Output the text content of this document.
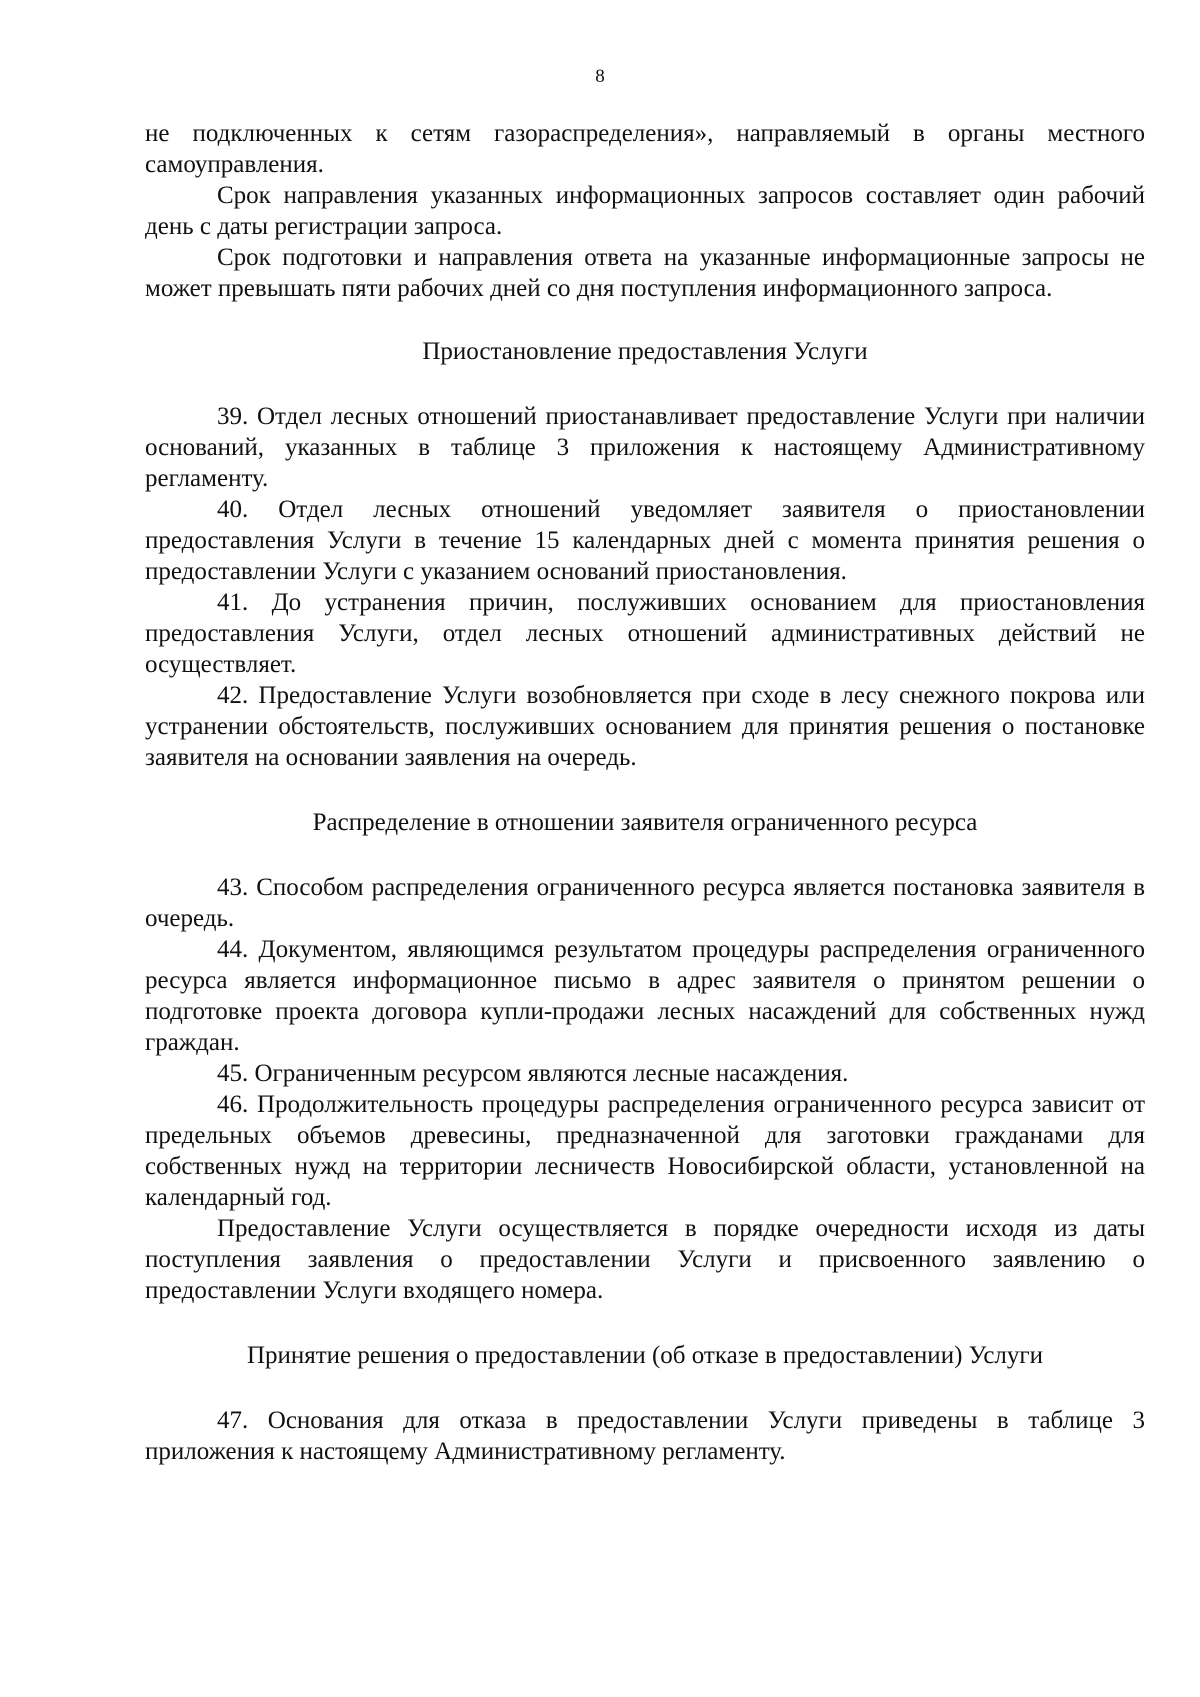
8

не подключенных к сетям газораспределения», направляемый в органы местного самоуправления.

Срок направления указанных информационных запросов составляет один рабочий день с даты регистрации запроса.

Срок подготовки и направления ответа на указанные информационные запросы не может превышать пяти рабочих дней со дня поступления информационного запроса.

Приостановление предоставления Услуги

39. Отдел лесных отношений приостанавливает предоставление Услуги при наличии оснований, указанных в таблице 3 приложения к настоящему Административному регламенту.

40. Отдел лесных отношений уведомляет заявителя о приостановлении предоставления Услуги в течение 15 календарных дней с момента принятия решения о предоставлении Услуги с указанием оснований приостановления.

41. До устранения причин, послуживших основанием для приостановления предоставления Услуги, отдел лесных отношений административных действий не осуществляет.

42. Предоставление Услуги возобновляется при сходе в лесу снежного покрова или устранении обстоятельств, послуживших основанием для принятия решения о постановке заявителя на основании заявления на очередь.

Распределение в отношении заявителя ограниченного ресурса

43. Способом распределения ограниченного ресурса является постановка заявителя в очередь.

44. Документом, являющимся результатом процедуры распределения ограниченного ресурса является информационное письмо в адрес заявителя о принятом решении о подготовке проекта договора купли-продажи лесных насаждений для собственных нужд граждан.

45. Ограниченным ресурсом являются лесные насаждения.

46. Продолжительность процедуры распределения ограниченного ресурса зависит от предельных объемов древесины, предназначенной для заготовки гражданами для собственных нужд на территории лесничеств Новосибирской области, установленной на календарный год.

Предоставление Услуги осуществляется в порядке очередности исходя из даты поступления заявления о предоставлении Услуги и присвоенного заявлению о предоставлении Услуги входящего номера.

Принятие решения о предоставлении (об отказе в предоставлении) Услуги

47. Основания для отказа в предоставлении Услуги приведены в таблице 3 приложения к настоящему Административному регламенту.
